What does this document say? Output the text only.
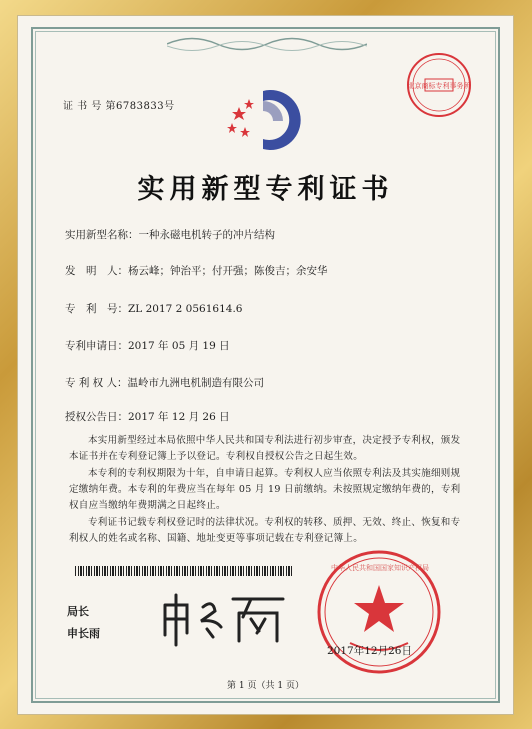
证 书 号 第6783833号
北京商标专利事务所
实用新型专利证书
实用新型名称：一种永磁电机转子的冲片结构
发　明　人：杨云峰；钟治平；付开强；陈俊吉；余安华
专　利　号：ZL 2017 2 0561614.6
专利申请日：2017 年 05 月 19 日
专 利 权 人：温岭市九洲电机制造有限公司
授权公告日：2017 年 12 月 26 日
本实用新型经过本局依照中华人民共和国专利法进行初步审查，决定授予专利权，颁发本证书并在专利登记簿上予以登记。专利权自授权公告之日起生效。
本专利的专利权期限为十年，自申请日起算。专利权人应当依照专利法及其实施细则规定缴纳年费。本专利的年费应当在每年 05 月 19 日前缴纳。未按照规定缴纳年费的，专利权自应当缴纳年费期满之日起终止。
专利证书记载专利权登记时的法律状况。专利权的转移、质押、无效、终止、恢复和专利权人的姓名或名称、国籍、地址变更等事项记载在专利登记簿上。
局长
申长雨
中华人民共和国国家知识产权局
2017年12月26日
第 1 页（共 1 页）
